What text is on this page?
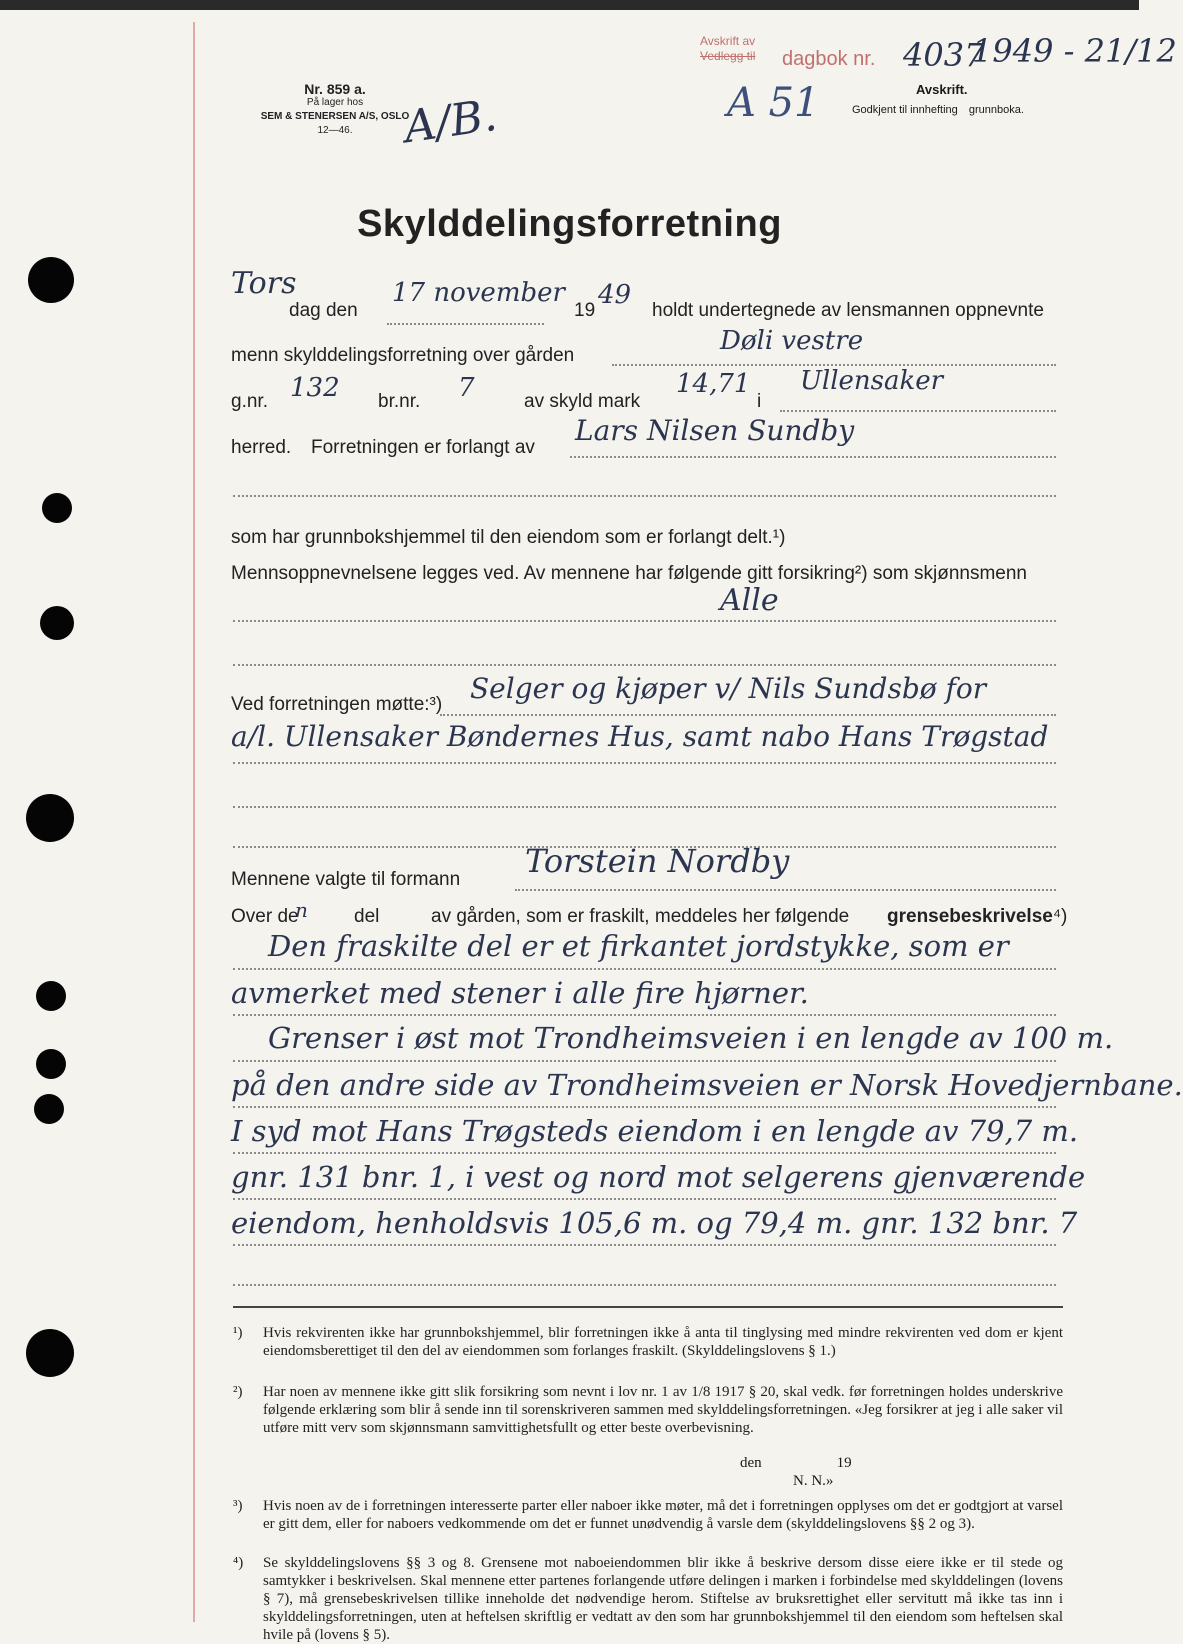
Nr. 859 a.
På lager hos
SEM & STENERSEN A/S, OSLO
12—46.	A/B.
Avskrift av
Vedlegg til dagbok nr. 4037
1949 - 21/12
Avskrift.
Godkjent til innhefting grunnboka.
A 51
Skylddelingsforretning
Tors
dag den
17 november
19
49
holdt undertegnede av lensmannen oppnevnte
menn skylddelingsforretning over gården	Døli vestre
g.nr. 132 br.nr. 7	av skyld mark
14,71
i
Ullensaker
herred. Forretningen er forlangt av
Lars Nilsen Sundby
som har grunnbokshjemmel til den eiendom som er forlangt delt.¹)
Mennsoppnevnelsene legges ved. Av mennene har følgende gitt forsikring²) som skjønnsmenn
Alle
Ved forretningen møtte:³) Selger og kjøper v/ Nils Sundsbø for
a/l. Ullensaker Bøndernes Hus, samt nabo Hans Trøgstad
Mennene valgte til formann Torstein Nordby
Over de
n del	av gården, som er fraskilt, meddeles her følgende grensebeskrivelse⁴)
Den fraskilte del er et firkantet jordstykke, som er
avmerket med stener i alle fire hjørner.
Grenser i øst mot Trondheimsveien i en lengde av 100 m.
på den andre side av Trondheimsveien er Norsk Hovedjernbane.
I syd mot Hans Trøgsteds eiendom i en lengde av 79,7 m.
gnr. 131 bnr. 1, i vest og nord mot selgerens gjenværende
eiendom, henholdsvis 105,6 m. og 79,4 m. gnr. 132 bnr. 7
¹) Hvis rekvirenten ikke har grunnbokshjemmel, blir forretningen ikke å anta til tinglysing med mindre rekvirenten ved dom er kjent eiendomsberettiget til den del av eiendommen som forlanges fraskilt. (Skylddelingslovens § 1.)
²) Har noen av mennene ikke gitt slik forsikring som nevnt i lov nr. 1 av 1/8 1917 § 20, skal vedk. før forretningen holdes underskrive følgende erklæring som blir å sende inn til sorenskriveren sammen med skylddelingsforretningen. «Jeg forsikrer at jeg i alle saker vil utføre mitt verv som skjønnsmann samvittighetsfullt og etter beste overbevisning.
den                    19
N. N.»
³) Hvis noen av de i forretningen interesserte parter eller naboer ikke møter, må det i forretningen opplyses om det er godtgjort at varsel er gitt dem, eller for naboers vedkommende om det er funnet unødvendig å varsle dem (skylddelingslovens §§ 2 og 3).
⁴) Se skylddelingslovens §§ 3 og 8. Grensene mot naboeiendommen blir ikke å beskrive dersom disse eiere ikke er til stede og samtykker i beskrivelsen. Skal mennene etter partenes forlangende utføre delingen i marken i forbindelse med skylddelingen (lovens § 7), må grensebeskrivelsen tillike inneholde det nødvendige herom. Stiftelse av bruksrettighet eller servitutt må ikke tas inn i skylddelingsforretningen, uten at heftelsen skriftlig er vedtatt av den som har grunnbokshjemmel til den eiendom som heftelsen skal hvile på (lovens § 5).
